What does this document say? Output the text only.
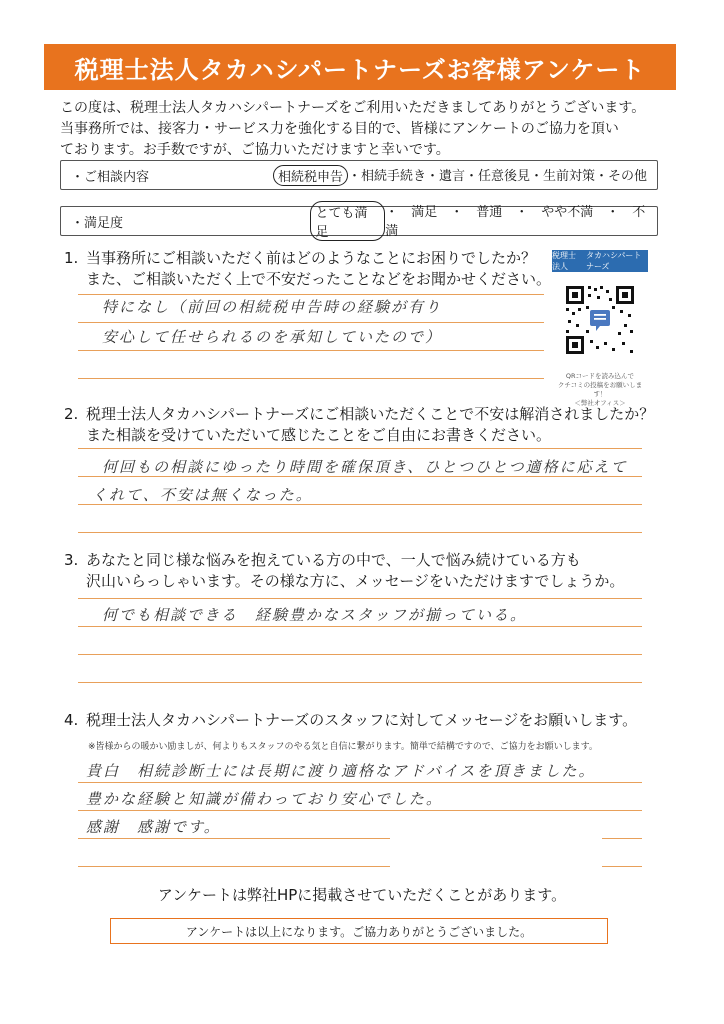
税理士法人タカハシパートナーズお客様アンケート
この度は、税理士法人タカハシパートナーズをご利用いただきましてありがとうございます。
当事務所では、接客力・サービス力を強化する目的で、皆様にアンケートのご協力を頂い
ております。お手数ですが、ご協力いただけますと幸いです。
・ご相談内容	相続税申告 ・相続手続き・遺言・任意後見・生前対策・その他
・満足度
とても満足
・　満足　・　普通　・　やや不満　・　不満
1. 当事務所にご相談いただく前はどのようなことにお困りでしたか？
また、ご相談いただく上で不安だったことなどをお聞かせください。
特になし（前回の相続税申告時の経験が有り
安心して任せられるのを承知していたので）
税理士法人

タカハシパートナーズ
QRコードを読み込んで
クチコミの投稿をお願いします！
＜弊社オフィス＞
2. 税理士法人タカハシパートナーズにご相談いただくことで不安は解消されましたか？
また相談を受けていただいて感じたことをご自由にお書きください。
何回もの相談にゆったり時間を確保頂き、ひとつひとつ適格に応えて
くれて、不安は無くなった。
3. あなたと同じ様な悩みを抱えている方の中で、一人で悩み続けている方も
沢山いらっしゃいます。その様な方に、メッセージをいただけますでしょうか。
何でも相談できる　経験豊かなスタッフが揃っている。
4. 税理士法人タカハシパートナーズのスタッフに対してメッセージをお願いします。
※皆様からの暖かい励ましが、何よりもスタッフのやる気と自信に繋がります。簡単で結構ですので、ご協力をお願いします。
貴白　相続診断士には長期に渡り適格なアドバイスを頂きました。
豊かな経験と知識が備わっており安心でした。
感謝　感謝です。
アンケートは弊社HPに掲載させていただくことがあります。
アンケートは以上になります。ご協力ありがとうございました。
